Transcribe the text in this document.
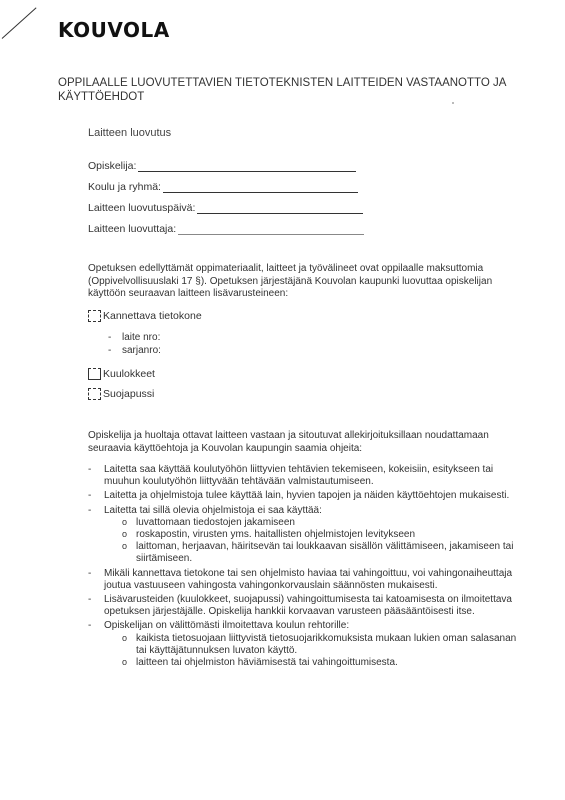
KOUVOLA
OPPILAALLE LUOVUTETTAVIEN TIETOTEKNISTEN LAITTEIDEN VASTAANOTTO JA KÄYTTÖEHDOT
Laitteen luovutus
Opiskelija:
Koulu ja ryhmä:
Laitteen luovutuspäivä:
Laitteen luovuttaja:
Opetuksen edellyttämät oppimateriaalit, laitteet ja työvälineet ovat oppilaalle maksuttomia (Oppivelvollisuuslaki 17 §). Opetuksen järjestäjänä Kouvolan kaupunki luovuttaa opiskelijan käyttöön seuraavan laitteen lisävarusteineen:
Kannettava tietokone
- laite nro:
- sarjanro:
Kuulokkeet
Suojapussi
Opiskelija ja huoltaja ottavat laitteen vastaan ja sitoutuvat allekirjoituksillaan noudattamaan seuraavia käyttöehtoja ja Kouvolan kaupungin saamia ohjeita:
- Laitetta saa käyttää koulutyöhön liittyvien tehtävien tekemiseen, kokeisiin, esitykseen tai muuhun koulutyöhön liittyvään tehtävään valmistautumiseen.
- Laitetta ja ohjelmistoja tulee käyttää lain, hyvien tapojen ja näiden käyttöehtojen mukaisesti.
- Laitetta tai sillä olevia ohjelmistoja ei saa käyttää:
o luvattomaan tiedostojen jakamiseen
o roskapostin, virusten yms. haitallisten ohjelmistojen levitykseen
o laittoman, herjaavan, häiritsevän tai loukkaavan sisällön välittämiseen, jakamiseen tai siirtämiseen.
- Mikäli kannettava tietokone tai sen ohjelmisto haviaa tai vahingoittuu, voi vahingonaiheuttaja joutua vastuuseen vahingosta vahingonkorvauslain säännösten mukaisesti.
- Lisävarusteiden (kuulokkeet, suojapussi) vahingoittumisesta tai katoamisesta on ilmoitettava opetuksen järjestäjälle. Opiskelija hankkii korvaavan varusteen pääsääntöisesti itse.
- Opiskelijan on välittömästi ilmoitettava koulun rehtorille:
o kaikista tietosuojaan liittyvistä tietosuojarikkomuksista mukaan lukien oman salasanan tai käyttäjätunnuksen luvaton käyttö.
o laitteen tai ohjelmiston häviämisestä tai vahingoittumisesta.
